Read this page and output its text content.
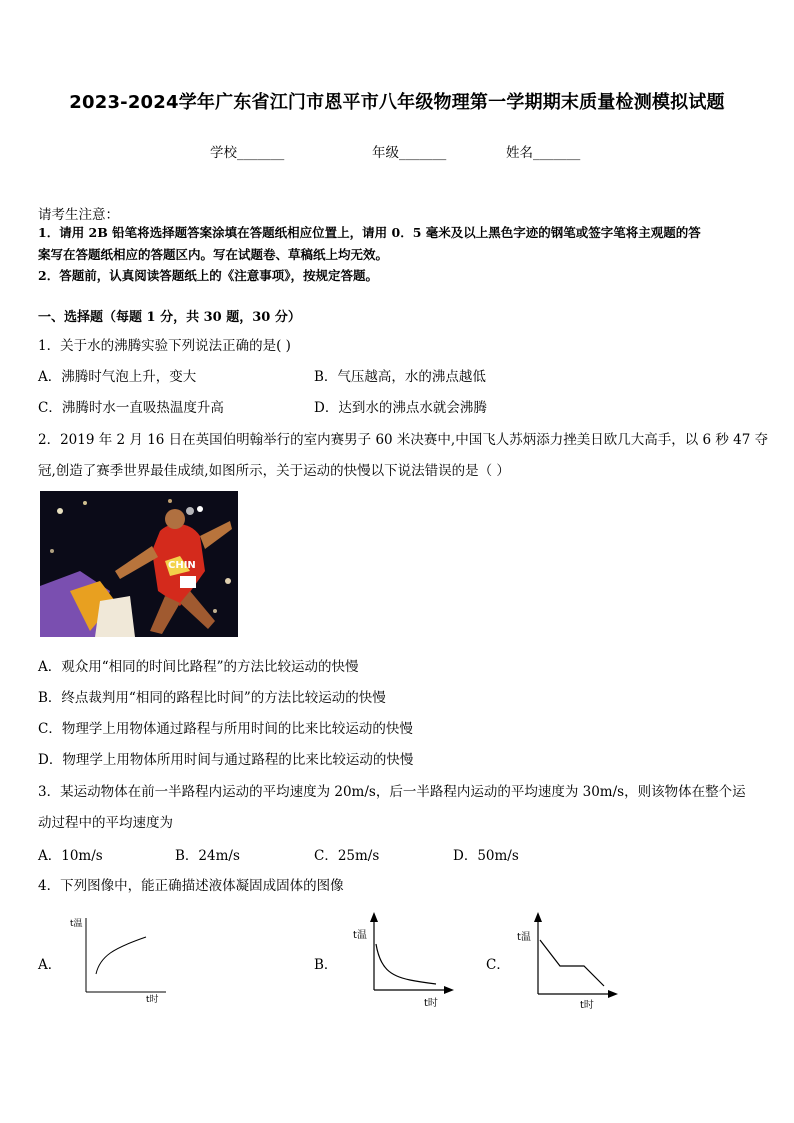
2023-2024学年广东省江门市恩平市八年级物理第一学期期末质量检测模拟试题
学校_______	年级_______	姓名_______
请考生注意：
1．请用 2B 铅笔将选择题答案涂填在答题纸相应位置上，请用 0．5 毫米及以上黑色字迹的钢笔或签字笔将主观题的答
案写在答题纸相应的答题区内。写在试题卷、草稿纸上均无效。
2．答题前，认真阅读答题纸上的《注意事项》，按规定答题。
一、选择题（每题 1 分，共 30 题，30 分）
1．关于水的沸腾实验下列说法正确的是( )
A．沸腾时气泡上升，变大	B．气压越高，水的沸点越低
C．沸腾时水一直吸热温度升高	D．达到水的沸点水就会沸腾
2．2019 年 2 月 16 日在英国伯明翰举行的室内赛男子 60 米决赛中,中国飞人苏炳添力挫美日欧几大高手，以 6 秒 47 夺
冠,创造了赛季世界最佳成绩,如图所示，关于运动的快慢以下说法错误的是（ ）
CHIN
A．观众用“相同的时间比路程”的方法比较运动的快慢
B．终点裁判用“相同的路程比时间”的方法比较运动的快慢
C．物理学上用物体通过路程与所用时间的比来比较运动的快慢
D．物理学上用物体所用时间与通过路程的比来比较运动的快慢
3．某运动物体在前一半路程内运动的平均速度为 20m/s，后一半路程内运动的平均速度为 30m/s，则该物体在整个运
动过程中的平均速度为
A．10m/s	B．24m/s	C．25m/s	D．50m/s
4．下列图像中，能正确描述液体凝固成固体的图像
A．	B．	C．
t温
t时
t温
t时
t温
t时
